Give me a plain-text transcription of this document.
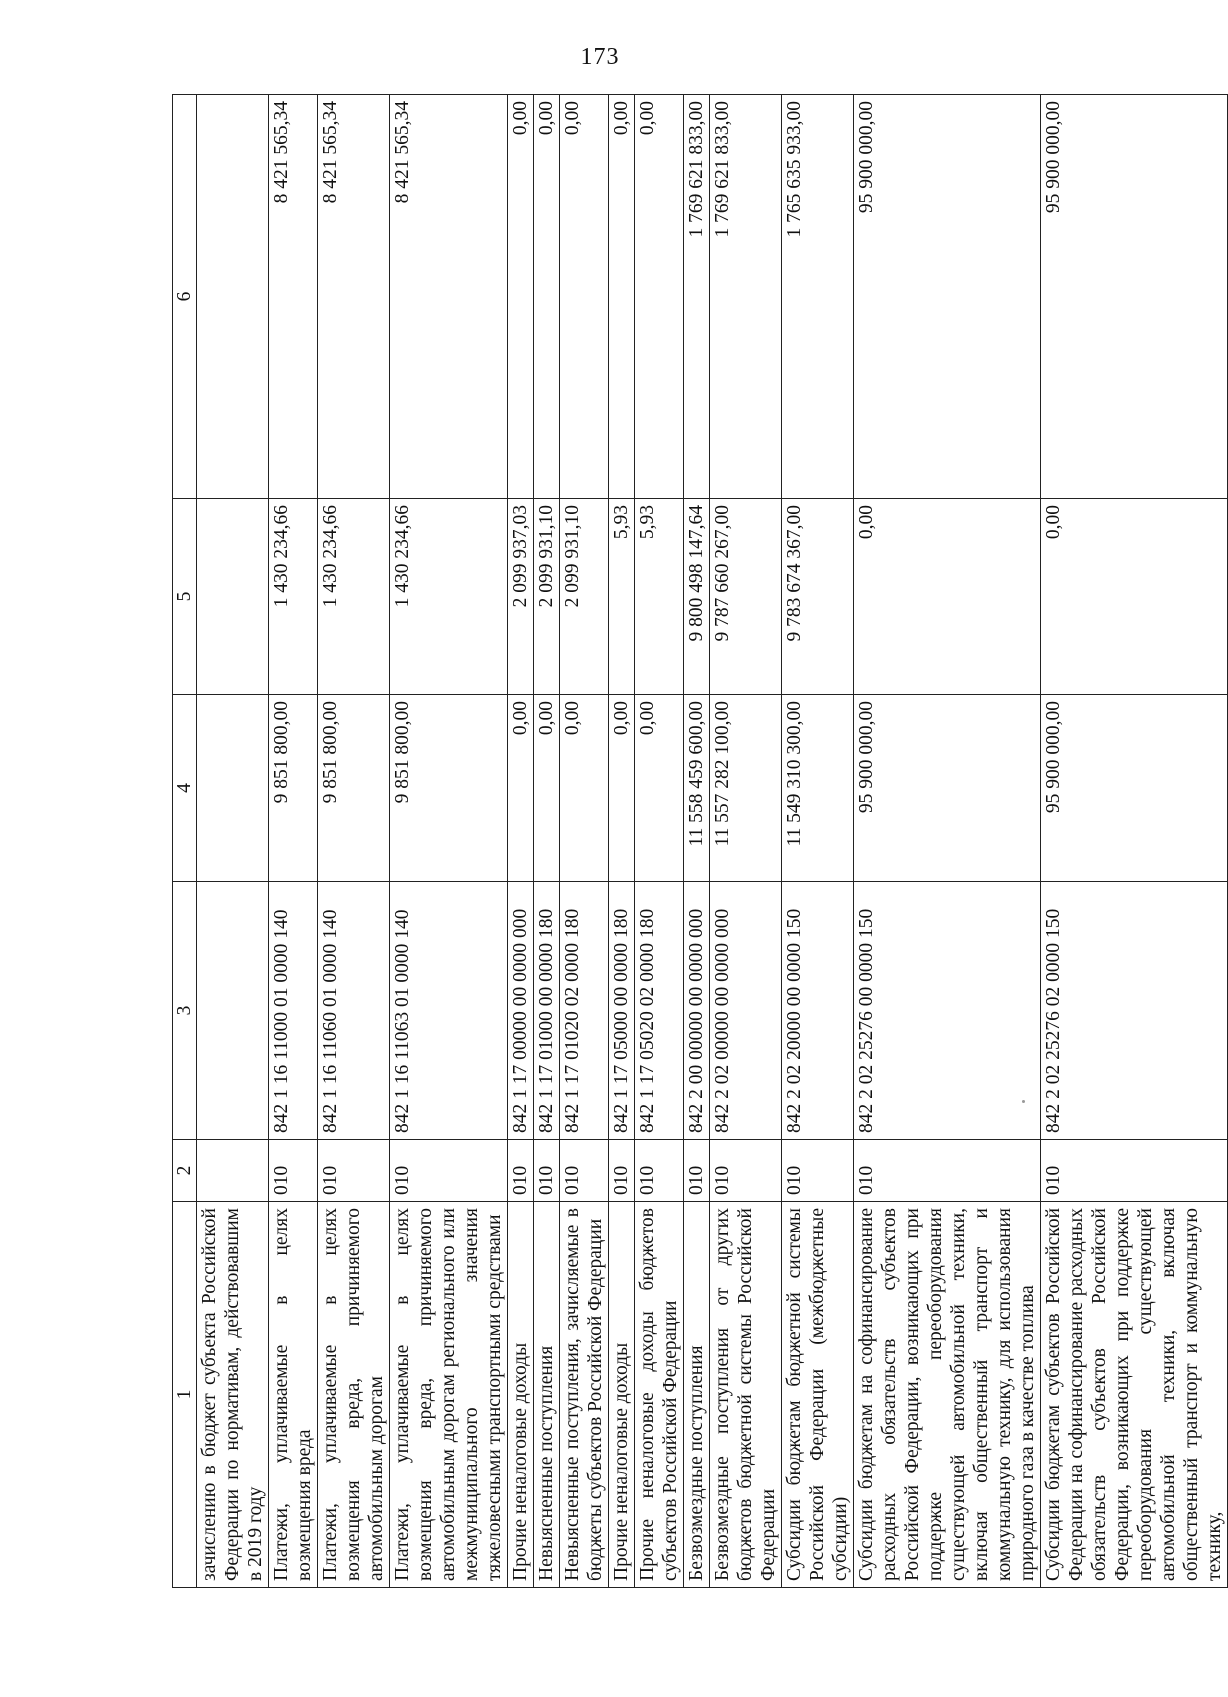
173
1	2	3	4	5	6
зачислению в бюджет субъекта Российской Федерации по нормативам, действовавшим в 2019 году					
Платежи, уплачиваемые в целях возмещения вреда	010	842 1 16 11000 01 0000 140	9 851 800,00	1 430 234,66	8 421 565,34
Платежи, уплачиваемые в целях возмещения вреда, причиняемого автомобильным дорогам	010	842 1 16 11060 01 0000 140	9 851 800,00	1 430 234,66	8 421 565,34
Платежи, уплачиваемые в целях возмещения вреда, причиняемого автомобильным дорогам регионального или межмуниципального значения тяжеловесными транспортными средствами	010	842 1 16 11063 01 0000 140	9 851 800,00	1 430 234,66	8 421 565,34
Прочие неналоговые доходы	010	842 1 17 00000 00 0000 000	0,00	2 099 937,03	0,00
Невыясненные поступления	010	842 1 17 01000 00 0000 180	0,00	2 099 931,10	0,00
Невыясненные поступления, зачисляемые в бюджеты субъектов Российской Федерации	010	842 1 17 01020 02 0000 180	0,00	2 099 931,10	0,00
Прочие неналоговые доходы	010	842 1 17 05000 00 0000 180	0,00	5,93	0,00
Прочие неналоговые доходы бюджетов субъектов Российской Федерации	010	842 1 17 05020 02 0000 180	0,00	5,93	0,00
Безвозмездные поступления	010	842 2 00 00000 00 0000 000	11 558 459 600,00	9 800 498 147,64	1 769 621 833,00
Безвозмездные поступления от других бюджетов бюджетной системы Российской Федерации	010	842 2 02 00000 00 0000 000	11 557 282 100,00	9 787 660 267,00	1 769 621 833,00
Субсидии бюджетам бюджетной системы Российской Федерации (межбюджетные субсидии)	010	842 2 02 20000 00 0000 150	11 549 310 300,00	9 783 674 367,00	1 765 635 933,00
Субсидии бюджетам на софинансирование расходных обязательств субъектов Российской Федерации, возникающих при поддержке переоборудования существующей автомобильной техники, включая общественный транспорт и коммунальную технику, для использования природного газа в качестве топлива	010	842 2 02 25276 00 0000 150	95 900 000,00	0,00	95 900 000,00
Субсидии бюджетам субъектов Российской Федерации на софинансирование расходных обязательств субъектов Российской Федерации, возникающих при поддержке переоборудования существующей автомобильной техники, включая общественный транспорт и коммунальную технику,	010	842 2 02 25276 02 0000 150	95 900 000,00	0,00	95 900 000,00
